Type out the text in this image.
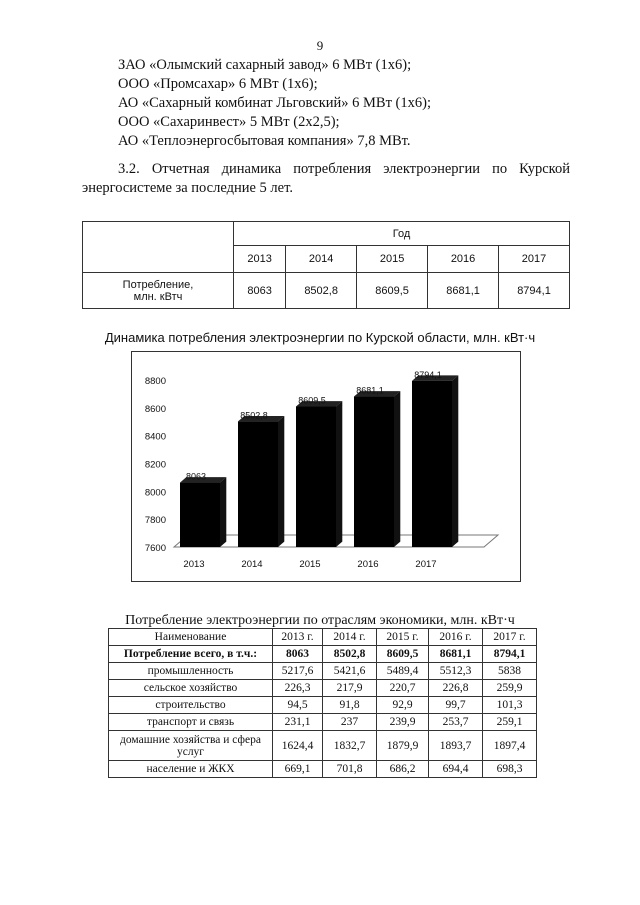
9
ЗАО «Олымский сахарный завод» 6 МВт (1х6);
ООО «Промсахар» 6 МВт (1х6);
АО «Сахарный комбинат Льговский» 6 МВт (1х6);
ООО «Сахаринвест» 5 МВт (2х2,5);
АО «Теплоэнергосбытовая компания» 7,8 МВт.
3.2. Отчетная динамика потребления электроэнергии по Курской
энергосистеме за последние 5 лет.
	Год				
	2013	2014	2015	2016	2017

Потребление,
млн. кВтч	8063	8502,8	8609,5	8681,1	8794,1
Динамика потребления электроэнергии по Курской области, млн. кВт·ч
7600
7800
8000
8200
8400
8600
8800
8063
2013
8502,8
2014
8609,5
2015
8681,1
2016
8794,1
2017
Потребление электроэнергии по отраслям экономики, млн. кВт·ч
Наименование	2013 г.	2014 г.	2015 г.	2016 г.	2017 г.
Потребление всего, в т.ч.:	8063	8502,8	8609,5	8681,1	8794,1
промышленность	5217,6	5421,6	5489,4	5512,3	5838
сельское хозяйство	226,3	217,9	220,7	226,8	259,9
строительство	94,5	91,8	92,9	99,7	101,3
транспорт и связь	231,1	237	239,9	253,7	259,1
домашние хозяйства и сфера услуг	1624,4	1832,7	1879,9	1893,7	1897,4
население и ЖКХ	669,1	701,8	686,2	694,4	698,3
